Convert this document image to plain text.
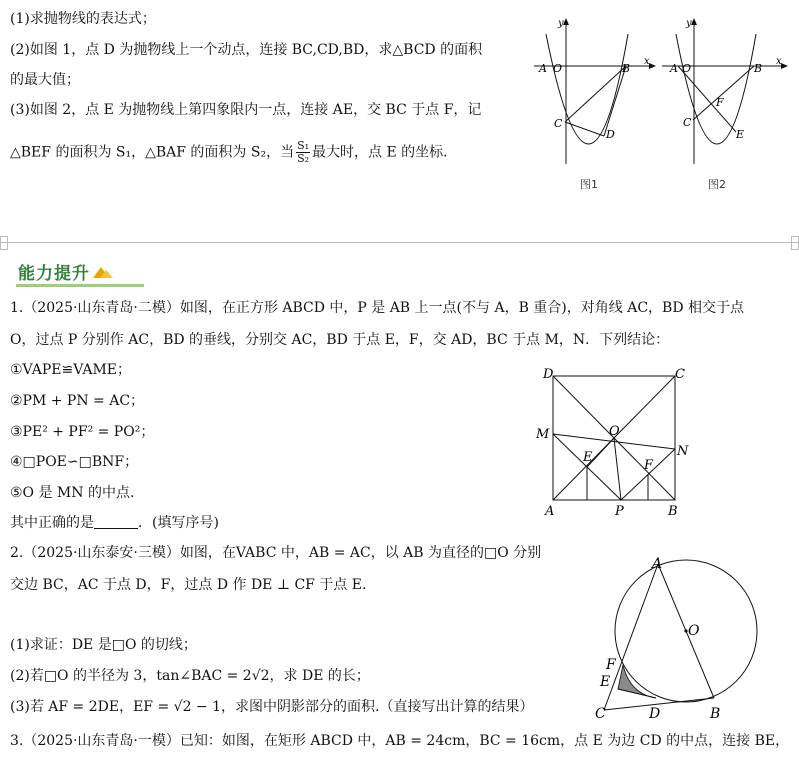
(1)求抛物线的表达式；
(2)如图 1，点 D 为抛物线上一个动点，连接 BC,CD,BD，求△BCD 的面积
的最大值；
(3)如图 2，点 E 为抛物线上第四象限内一点，连接 AE，交 BC 于点 F，记
△BEF 的面积为 S₁，△BAF 的面积为 S₂，当 $\frac{\text{S₁}}{\text{S₂}}$ 最大时，点 E 的坐标.
y
x
A O	B
C
D
图1
y
x
A O	B
C
F
E
图2
能力提升
1.（2025·山东青岛·二模）如图，在正方形 ABCD 中，P 是 AB 上一点(不与 A，B 重合)，对角线 AC，BD 相交于点
O，过点 P 分别作 AC，BD 的垂线，分别交 AC，BD 于点 E，F，交 AD，BC 于点 M，N．下列结论：
①VAPE≌VAME；
②PM + PN = AC；
③PE² + PF² = PO²；
④□POE∽□BNF；
⑤O 是 MN 的中点.
其中正确的是	．(填写序号)
D	C
M	O
N
E
F
A	P	B
2.（2025·山东泰安·三模）如图，在VABC 中，AB = AC，以 AB 为直径的□O 分别
交边 BC，AC 于点 D，F，过点 D 作 DE ⊥ CF 于点 E.
(1)求证：DE 是□O 的切线；
(2)若□O 的半径为 3，tan∠BAC = 2√2，求 DE 的长；
(3)若 AF = 2DE，EF = √2 − 1，求图中阴影部分的面积.（直接写出计算的结果）
A
O
F
E
C	D	B
3.（2025·山东青岛·一模）已知：如图，在矩形 ABCD 中，AB = 24cm，BC = 16cm，点 E 为边 CD 的中点，连接 BE，
